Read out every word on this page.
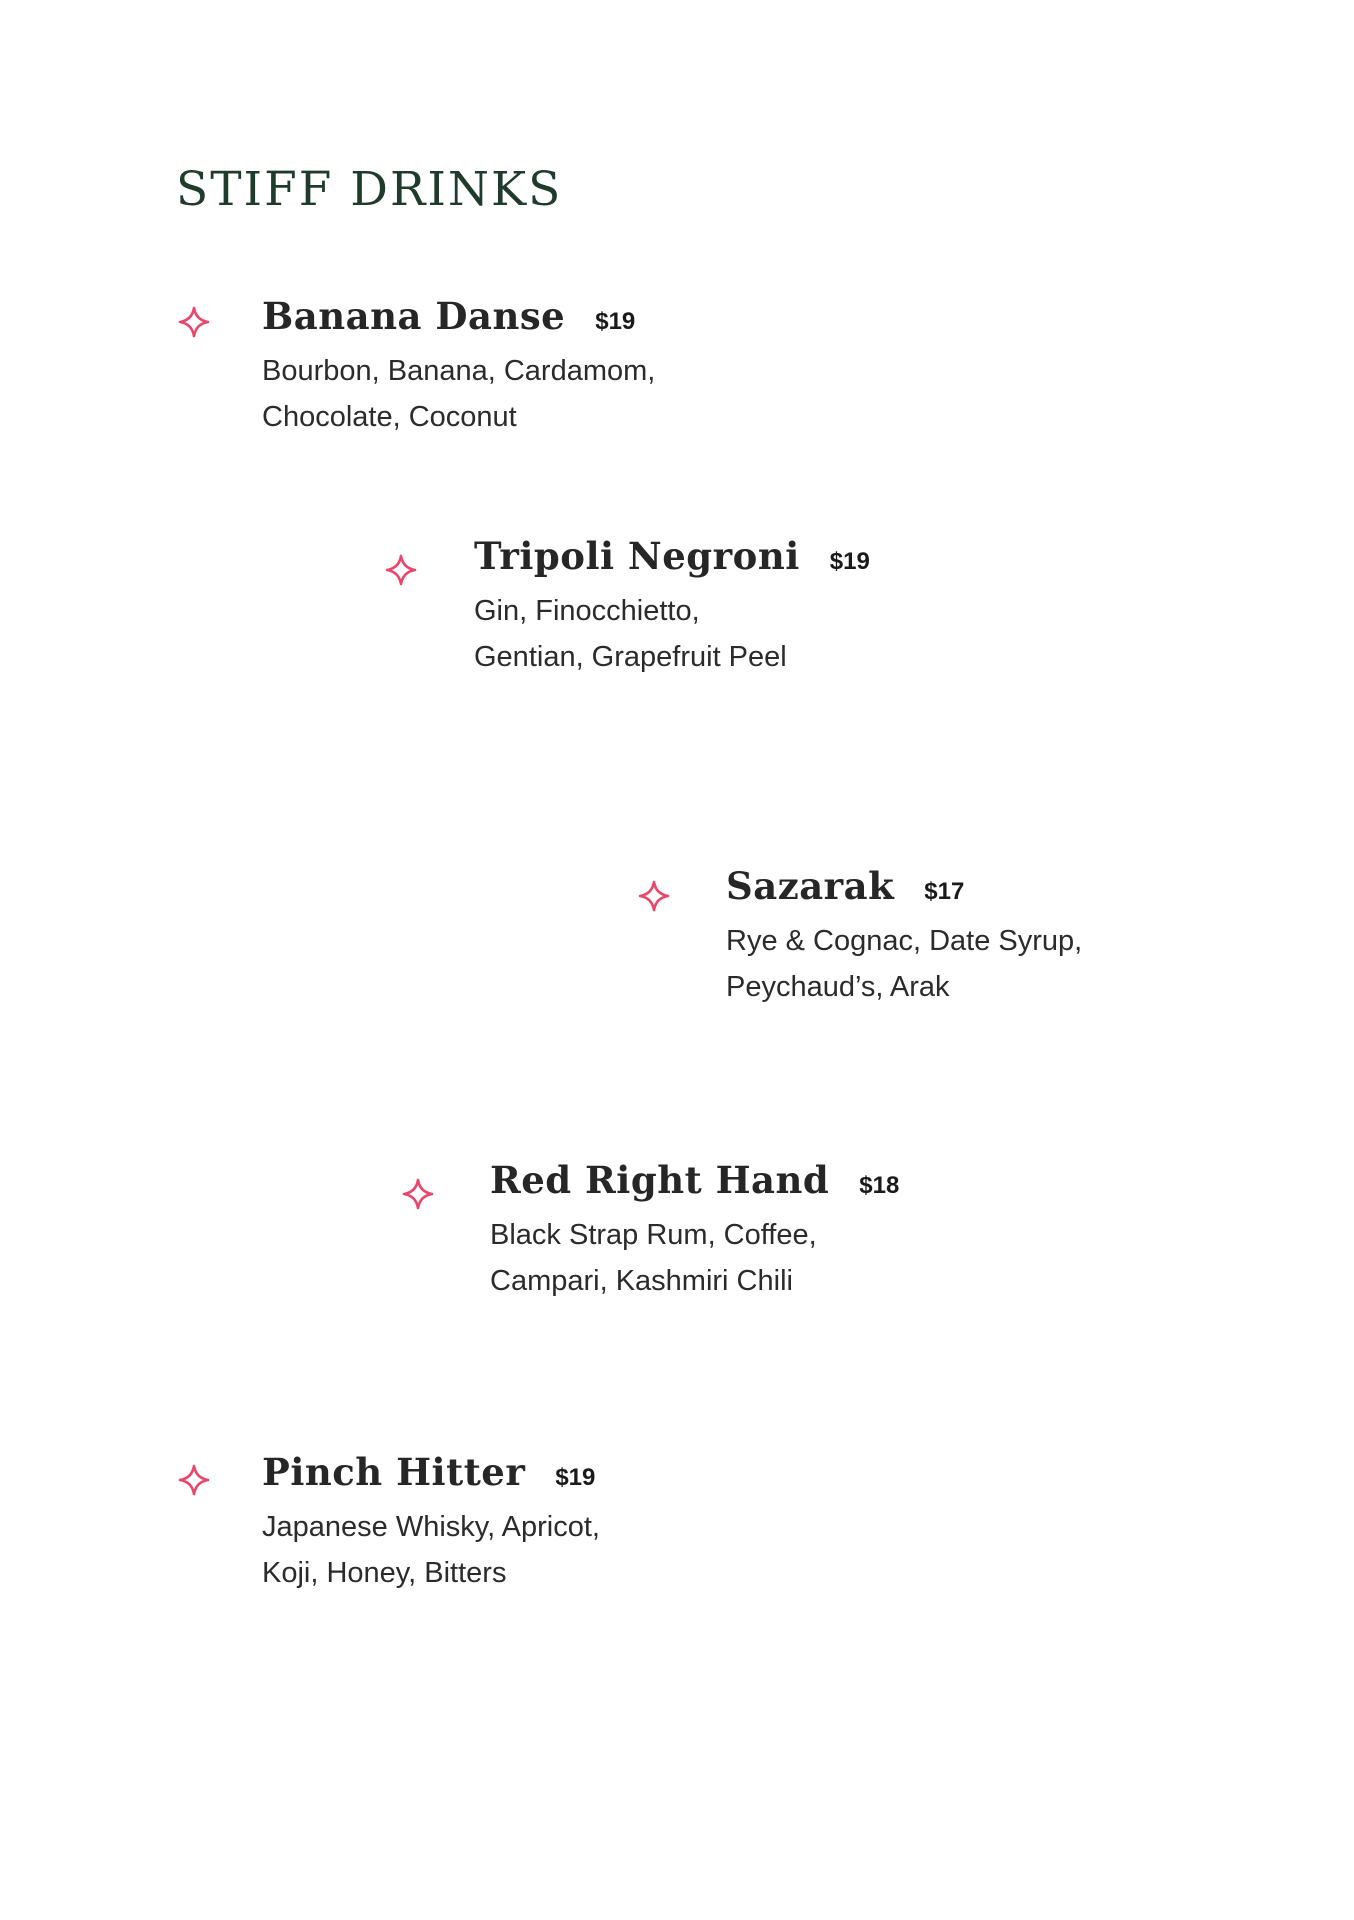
STIFF DRINKS
Banana Danse $19
Bourbon, Banana, Cardamom,
Chocolate, Coconut
Tripoli Negroni $19
Gin, Finocchietto,
Gentian, Grapefruit Peel
Sazarak $17
Rye & Cognac, Date Syrup,
Peychaud’s, Arak
Red Right Hand $18
Black Strap Rum, Coffee,
Campari, Kashmiri Chili
Pinch Hitter $19
Japanese Whisky, Apricot,
Koji, Honey, Bitters
